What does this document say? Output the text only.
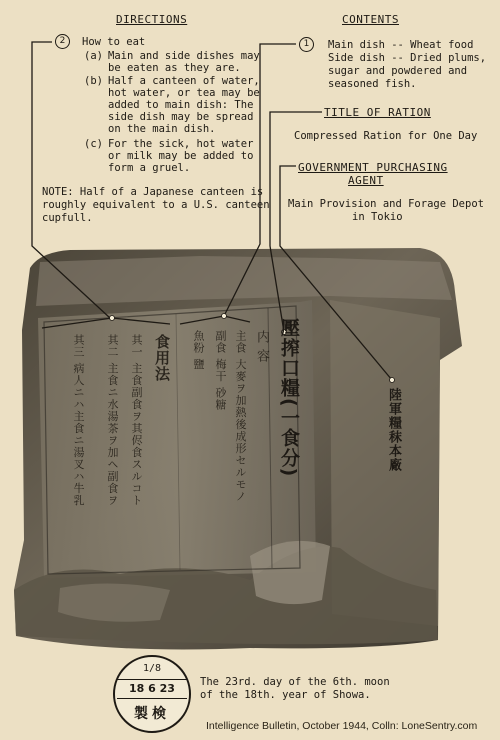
壓搾口糧(一食分)
内 容
主食 大麥ヲ加熱後成形セルモノ
副食 梅干 砂糖
魚粉 鹽
食用法
其一 主食副食ヲ其侭食スルコト
其二 主食ニ水湯茶ヲ加ヘ副食ヲ
其三 病人ニハ主食ニ湯叉ハ牛乳	陸軍糧秣本廠
DIRECTIONS
2	How to eat
(a) Main and side dishes may
be eaten as they are.
(b) Half a canteen of water,
hot water, or tea may be
added to main dish: The
side dish may be spread
on the main dish.
(c) For the sick, hot water
or milk may be added to
form a gruel.
NOTE: Half of a Japanese canteen is
roughly equivalent to a U.S. canteen
cupfull.
CONTENTS
1	Main dish -- Wheat food
Side dish -- Dried plums,
sugar and powdered and
seasoned fish.
TITLE OF RATION
Compressed Ration for One Day
GOVERNMENT PURCHASING
AGENT
Main Provision and Forage Depot
in Tokio
1/8
18 6 23
製検
The 23rd. day of the 6th. moon
of the 18th. year of Showa.
Intelligence Bulletin, October 1944, Colln: LoneSentry.com
